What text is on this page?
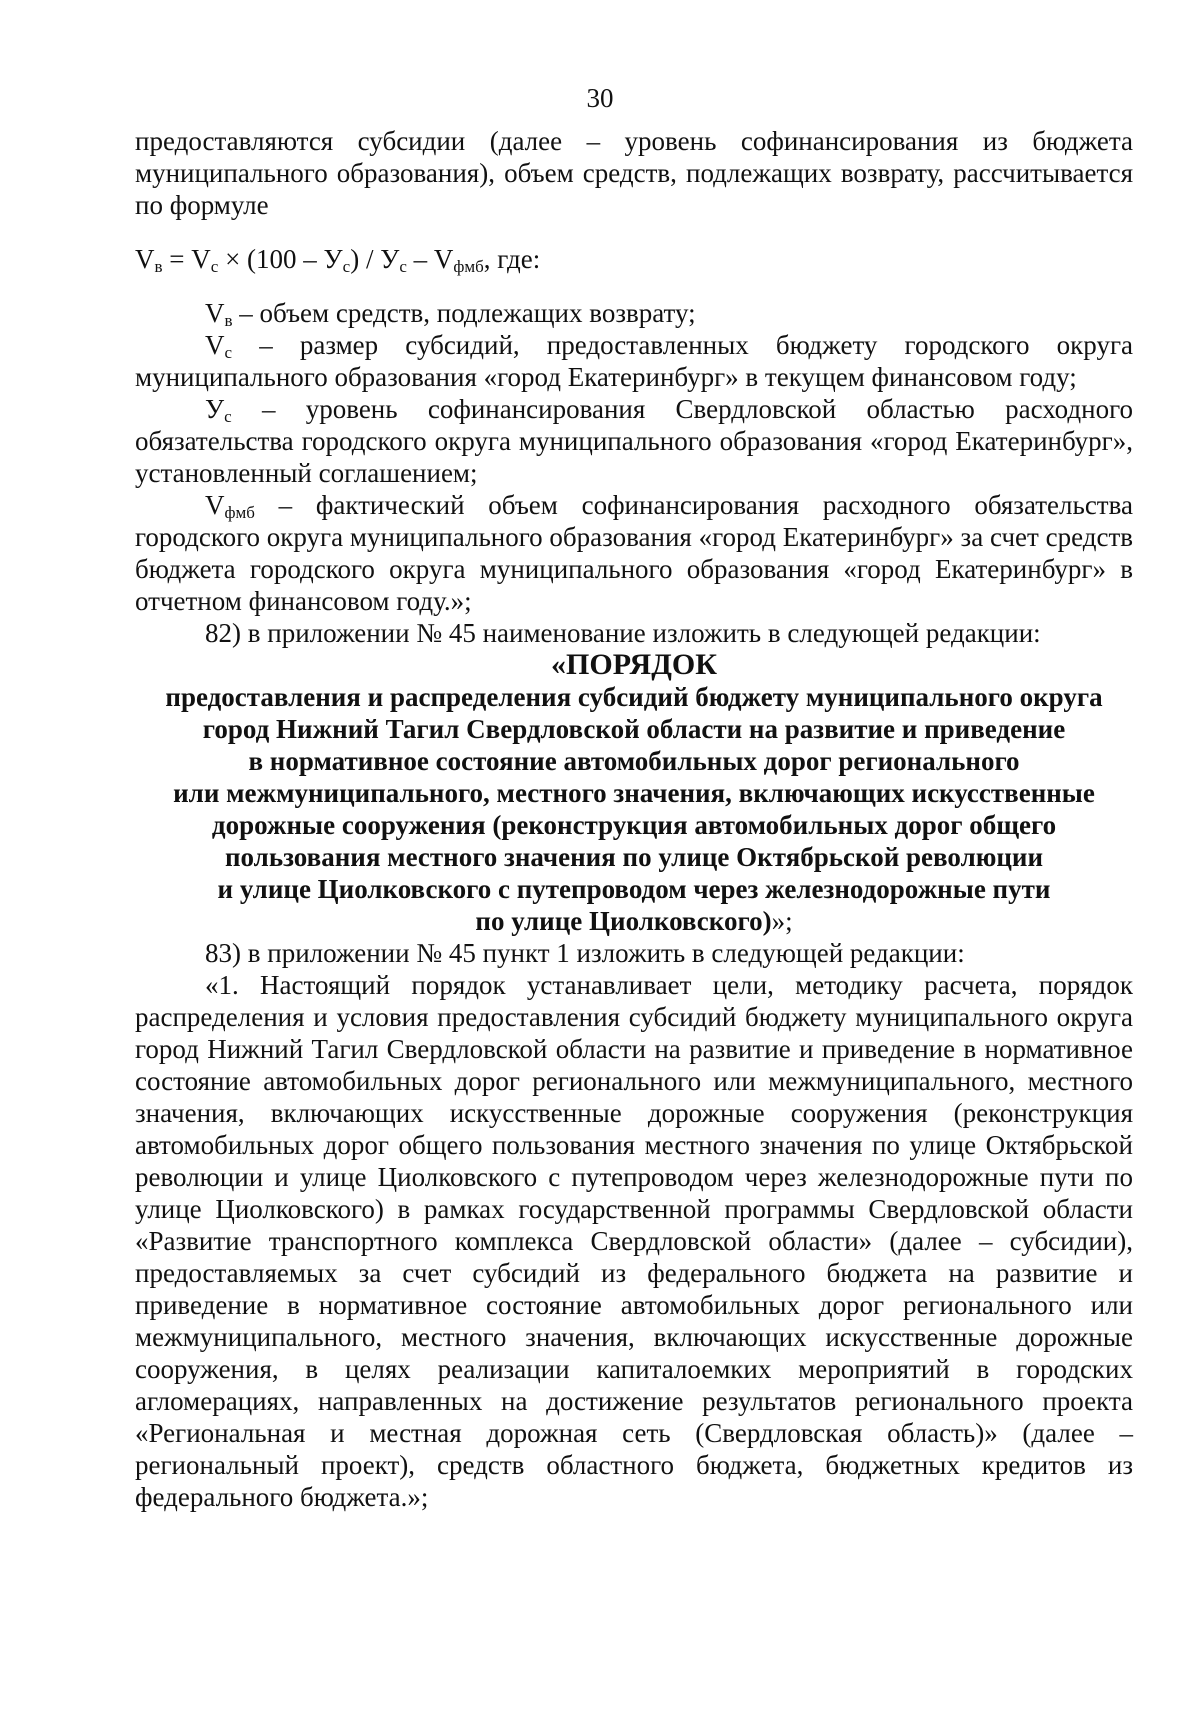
30

предоставляются субсидии (далее – уровень софинансирования из бюджета муниципального образования), объем средств, подлежащих возврату, рассчитывается по формуле

$V_в = V_с \times (100 - У_с) / У_с - V_{фмб}$, где:

$V_в$ – объем средств, подлежащих возврату;

$V_с$ – размер субсидий, предоставленных бюджету городского округа муниципального образования «город Екатеринбург» в текущем финансовом году;

$У_с$ – уровень софинансирования Свердловской областью расходного обязательства городского округа муниципального образования «город Екатеринбург», установленный соглашением;

$V_{фмб}$ – фактический объем софинансирования расходного обязательства городского округа муниципального образования «город Екатеринбург» за счет средств бюджета городского округа муниципального образования «город Екатеринбург» в отчетном финансовом году.»;

82) в приложении № 45 наименование изложить в следующей редакции:

«ПОРЯДОК
предоставления и распределения субсидий бюджету муниципального округа
город Нижний Тагил Свердловской области на развитие и приведение
в нормативное состояние автомобильных дорог регионального
или межмуниципального, местного значения, включающих искусственные
дорожные сооружения (реконструкция автомобильных дорог общего
пользования местного значения по улице Октябрьской революции
и улице Циолковского с путепроводом через железнодорожные пути
по улице Циолковского)»;

83) в приложении № 45 пункт 1 изложить в следующей редакции:

«1. Настоящий порядок устанавливает цели, методику расчета, порядок распределения и условия предоставления субсидий бюджету муниципального округа город Нижний Тагил Свердловской области на развитие и приведение в нормативное состояние автомобильных дорог регионального или межмуниципального, местного значения, включающих искусственные дорожные сооружения (реконструкция автомобильных дорог общего пользования местного значения по улице Октябрьской революции и улице Циолковского с путепроводом через железнодорожные пути по улице Циолковского) в рамках государственной программы Свердловской области «Развитие транспортного комплекса Свердловской области» (далее – субсидии), предоставляемых за счет субсидий из федерального бюджета на развитие и приведение в нормативное состояние автомобильных дорог регионального или межмуниципального, местного значения, включающих искусственные дорожные сооружения, в целях реализации капиталоемких мероприятий в городских агломерациях, направленных на достижение результатов регионального проекта «Региональная и местная дорожная сеть (Свердловская область)» (далее – региональный проект), средств областного бюджета, бюджетных кредитов из федерального бюджета.»;
